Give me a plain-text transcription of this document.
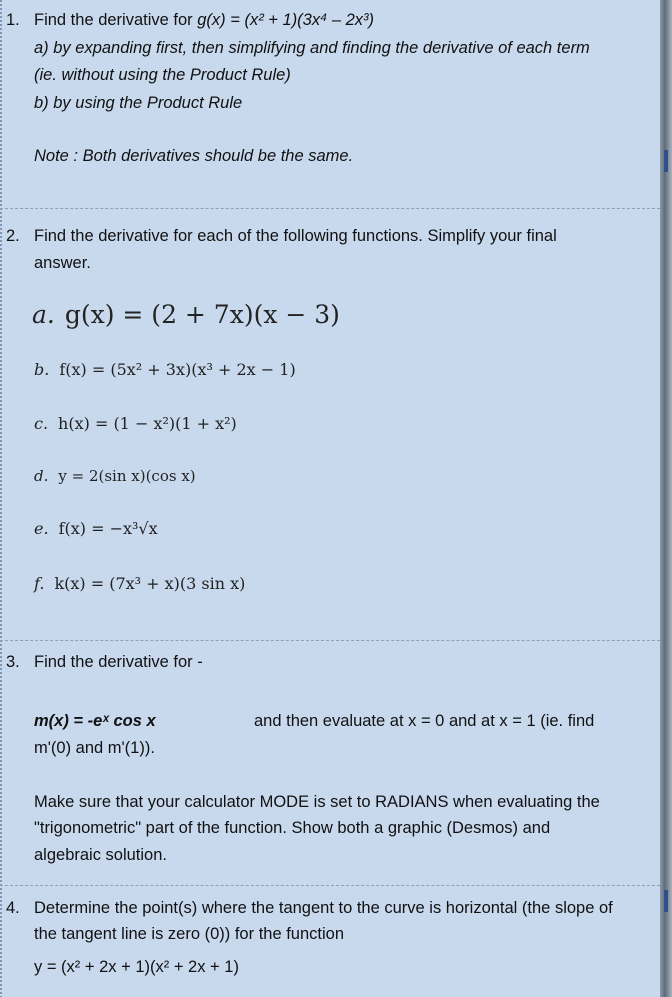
1. Find the derivative for g(x) = (x² + 1)(3x⁴ – 2x³)
a) by expanding first, then simplifying and finding the derivative of each term
(ie. without using the Product Rule)
b) by using the Product Rule
Note : Both derivatives should be the same.
2. Find the derivative for each of the following functions. Simplify your final
answer.
a. g(x) = (2 + 7x)(x − 3)
b. f(x) = (5x² + 3x)(x³ + 2x − 1)
c. h(x) = (1 − x²)(1 + x²)
d. y = 2(sin x)(cos x)
e. f(x) = −x³√x
f. k(x) = (7x³ + x)(3 sin x)
3. Find the derivative for -
m(x) = -eˣ cos x	and then evaluate at x = 0 and at x = 1 (ie. find
m'(0) and m'(1)).
Make sure that your calculator MODE is set to RADIANS when evaluating the
"trigonometric" part of the function. Show both a graphic (Desmos) and
algebraic solution.
4. Determine the point(s) where the tangent to the curve is horizontal (the slope of
the tangent line is zero (0)) for the function
y = (x² + 2x + 1)(x² + 2x + 1)
